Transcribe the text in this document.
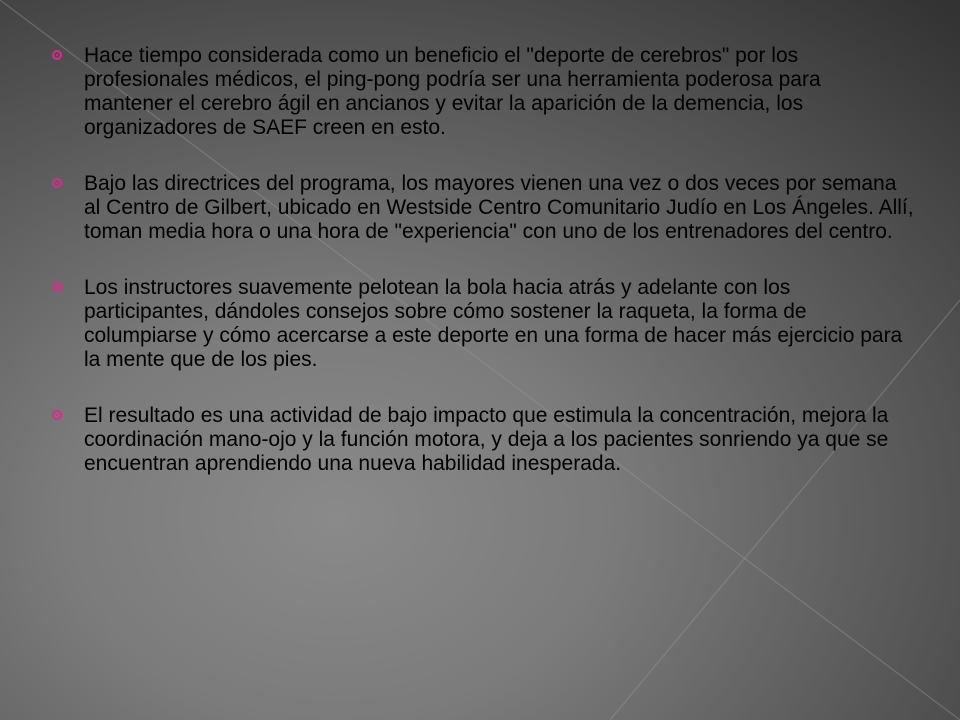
Hace tiempo considerada como un beneficio el "deporte de cerebros" por los profesionales médicos, el ping-pong podría ser una herramienta poderosa para mantener el cerebro ágil en ancianos y evitar la aparición de la demencia, los organizadores de SAEF creen en esto.
Bajo las directrices del programa, los mayores vienen una vez o dos veces por semana al Centro de Gilbert, ubicado en Westside Centro Comunitario Judío en Los Ángeles. Allí, toman media hora o una hora de "experiencia" con uno de los entrenadores del centro.
Los instructores suavemente pelotean la bola hacia atrás y adelante con los participantes, dándoles consejos sobre cómo sostener la raqueta, la forma de columpiarse y cómo acercarse a este deporte en una forma de hacer más ejercicio para la mente que de los pies.
El resultado es una actividad de bajo impacto que estimula la concentración, mejora la coordinación mano-ojo y la función motora, y deja a los pacientes sonriendo ya que se encuentran aprendiendo una nueva habilidad inesperada.
